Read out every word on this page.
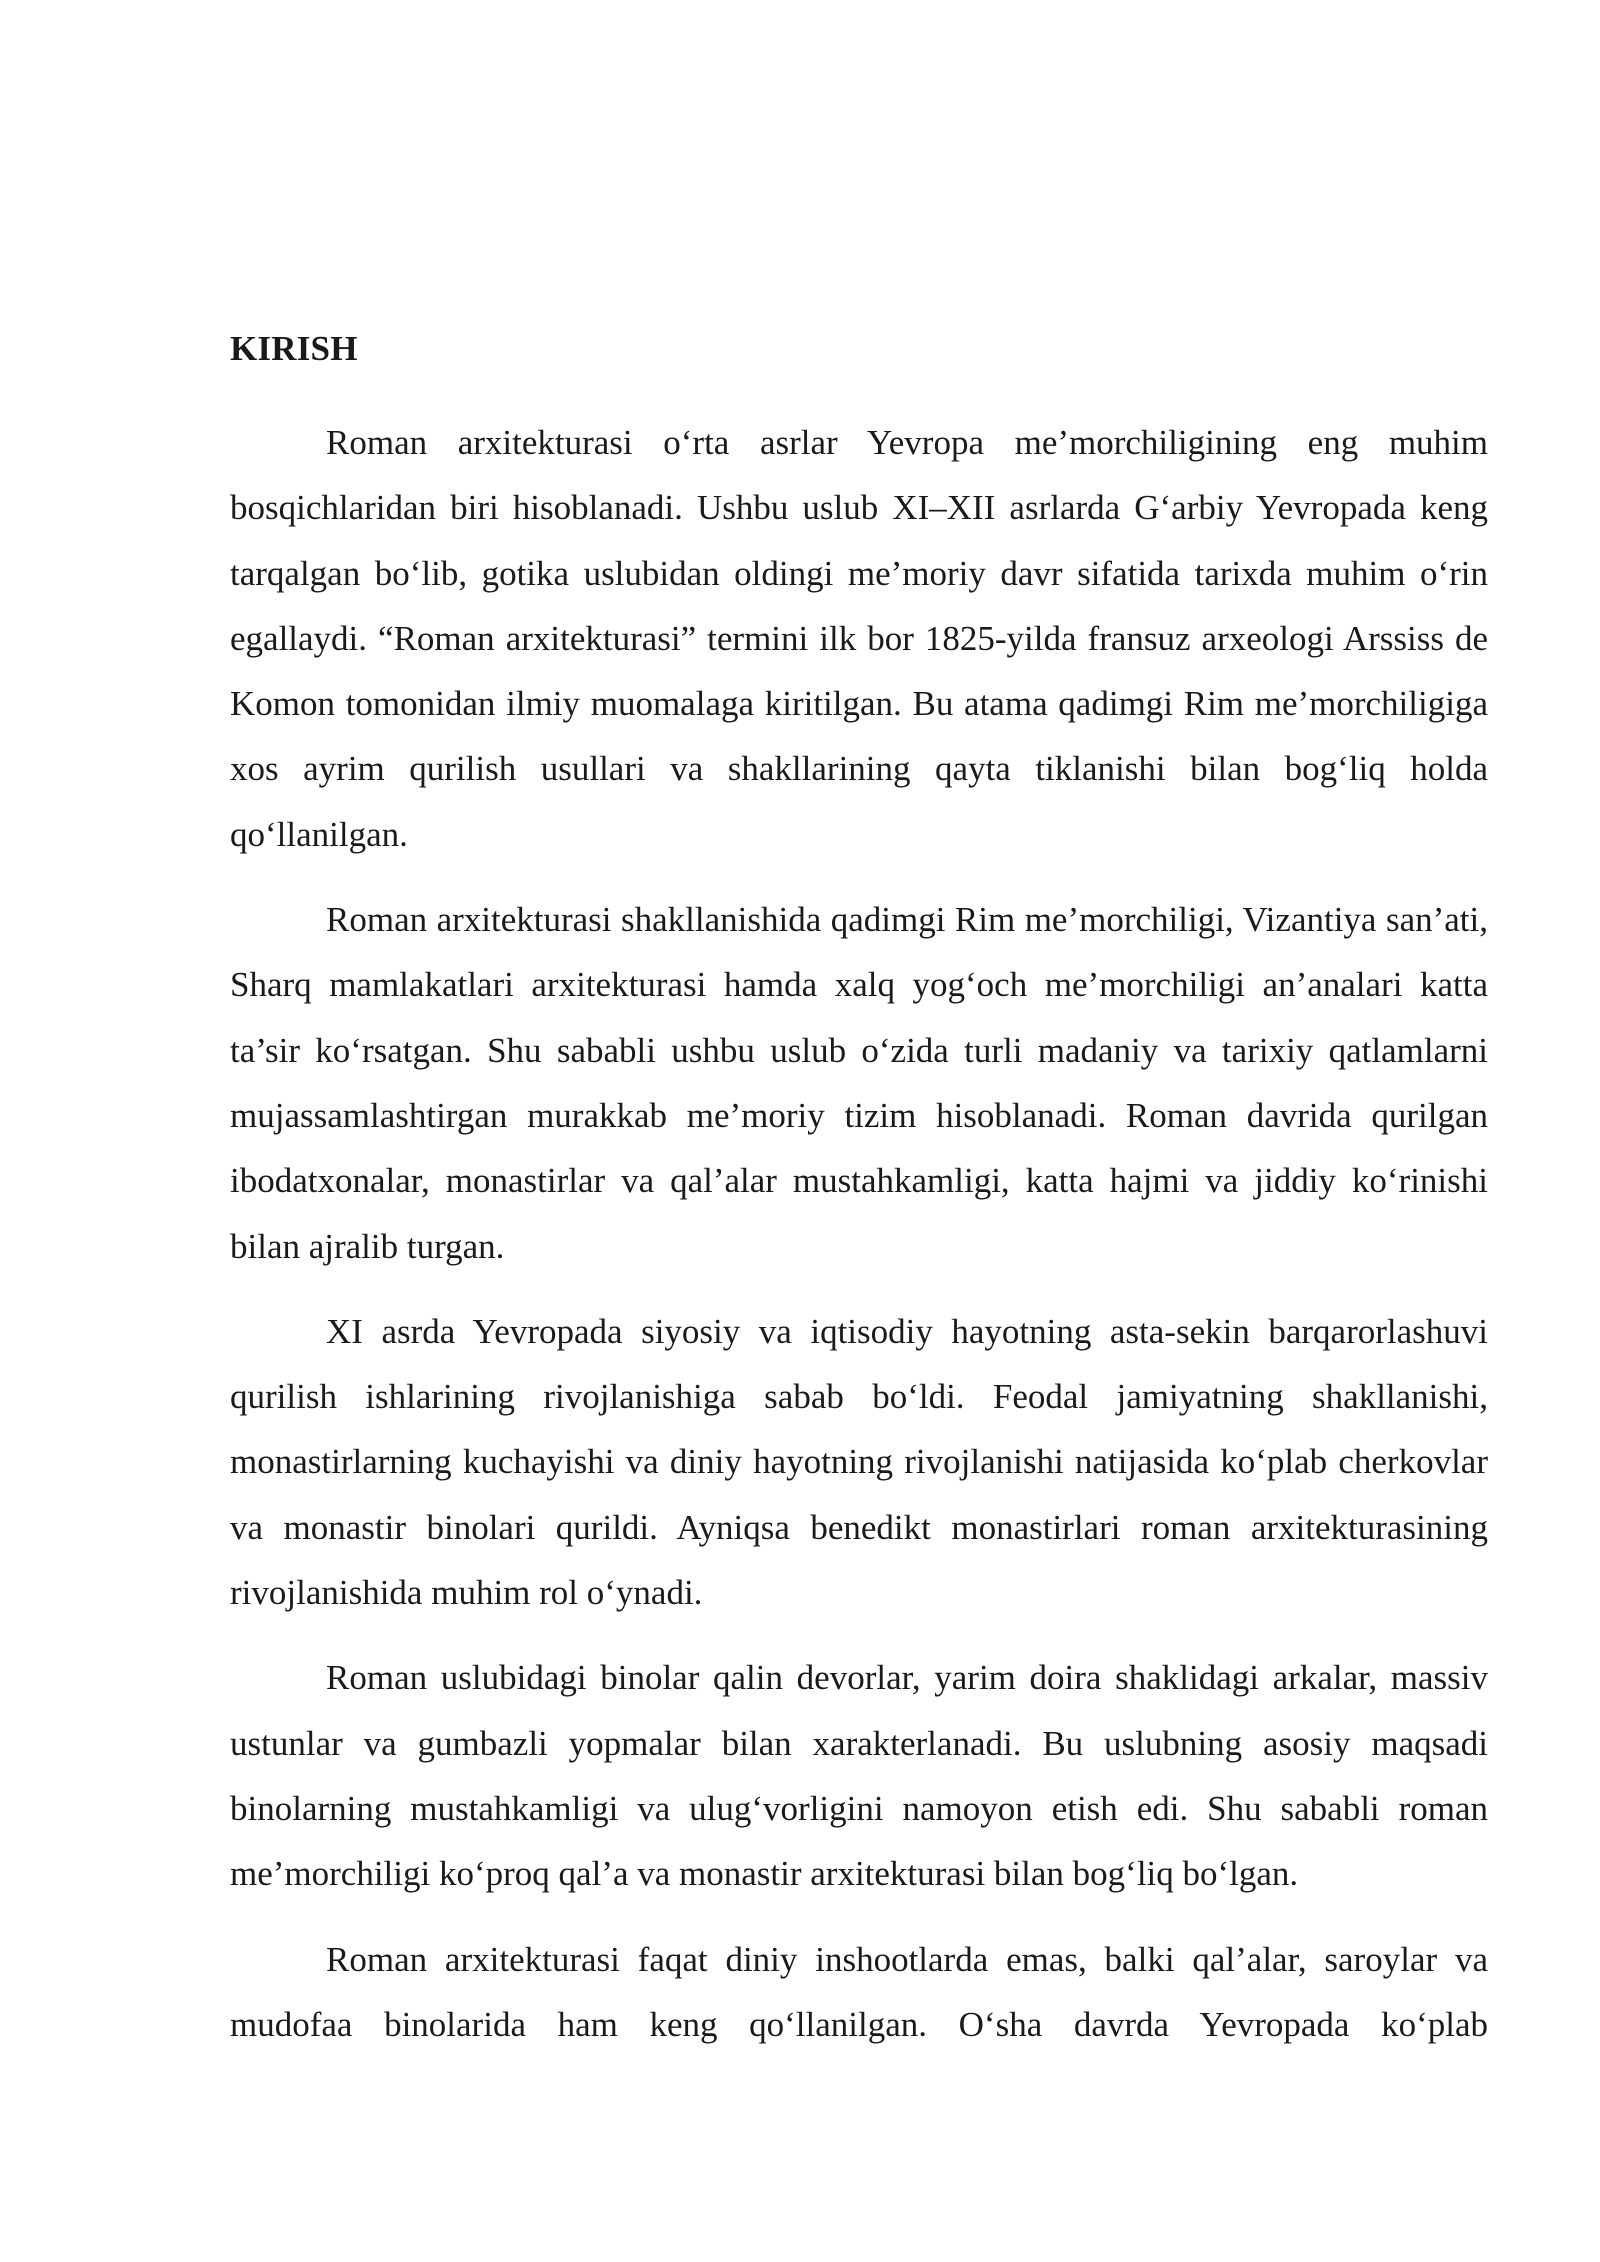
KIRISH

Roman arxitekturasi o‘rta asrlar Yevropa me’morchiligining eng muhim bosqichlaridan biri hisoblanadi. Ushbu uslub XI–XII asrlarda G‘arbiy Yevropada keng tarqalgan bo‘lib, gotika uslubidan oldingi me’moriy davr sifatida tarixda muhim o‘rin egallaydi. “Roman arxitekturasi” termini ilk bor 1825-yilda fransuz arxeologi Arssiss de Komon tomonidan ilmiy muomalaga kiritilgan. Bu atama qadimgi Rim me’morchiligiga xos ayrim qurilish usullari va shakllarining qayta tiklanishi bilan bog‘liq holda qo‘llanilgan.

Roman arxitekturasi shakllanishida qadimgi Rim me’morchiligi, Vizantiya san’ati, Sharq mamlakatlari arxitekturasi hamda xalq yog‘och me’morchiligi an’analari katta ta’sir ko‘rsatgan. Shu sababli ushbu uslub o‘zida turli madaniy va tarixiy qatlamlarni mujassamlashtirgan murakkab me’moriy tizim hisoblanadi. Roman davrida qurilgan ibodatxonalar, monastirlar va qal’alar mustahkamligi, katta hajmi va jiddiy ko‘rinishi bilan ajralib turgan.

XI asrda Yevropada siyosiy va iqtisodiy hayotning asta-sekin barqarorlashuvi qurilish ishlarining rivojlanishiga sabab bo‘ldi. Feodal jamiyatning shakllanishi, monastirlarning kuchayishi va diniy hayotning rivojlanishi natijasida ko‘plab cherkovlar va monastir binolari qurildi. Ayniqsa benedikt monastirlari roman arxitekturasining rivojlanishida muhim rol o‘ynadi.

Roman uslubidagi binolar qalin devorlar, yarim doira shaklidagi arkalar, massiv ustunlar va gumbazli yopmalar bilan xarakterlanadi. Bu uslubning asosiy maqsadi binolarning mustahkamligi va ulug‘vorligini namoyon etish edi. Shu sababli roman me’morchiligi ko‘proq qal’a va monastir arxitekturasi bilan bog‘liq bo‘lgan.

Roman arxitekturasi faqat diniy inshootlarda emas, balki qal’alar, saroylar va mudofaa binolarida ham keng qo‘llanilgan. O‘sha davrda Yevropada ko‘plab
